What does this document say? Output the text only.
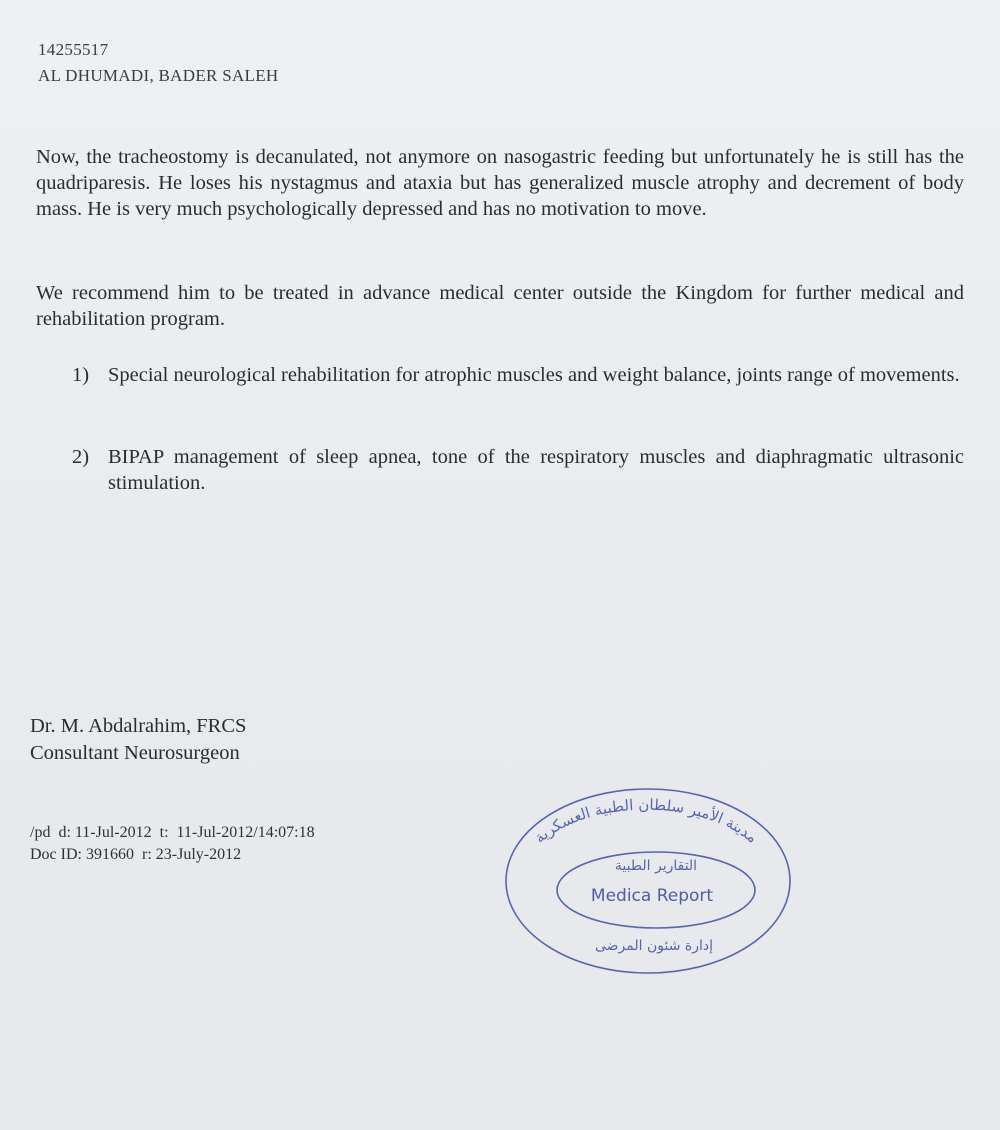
14255517
AL DHUMADI, BADER SALEH
Now, the tracheostomy is decanulated, not anymore on nasogastric feeding but unfortunately he is still has the quadriparesis. He loses his nystagmus and ataxia but has generalized muscle atrophy and decrement of body mass. He is very much psychologically depressed and has no motivation to move.
We recommend him to be treated in advance medical center outside the Kingdom for further medical and rehabilitation program.
1) Special neurological rehabilitation for atrophic muscles and weight balance, joints range of movements.
2) BIPAP management of sleep apnea, tone of the respiratory muscles and diaphragmatic ultrasonic stimulation.
Dr. M. Abdalrahim, FRCS
Consultant Neurosurgeon
/pd  d: 11-Jul-2012  t:  11-Jul-2012/14:07:18
Doc ID: 391660  r: 23-July-2012
مدينة الأمير سلطان الطبية العسكرية
التقارير الطبية
Medica Report
إدارة شئون المرضى
